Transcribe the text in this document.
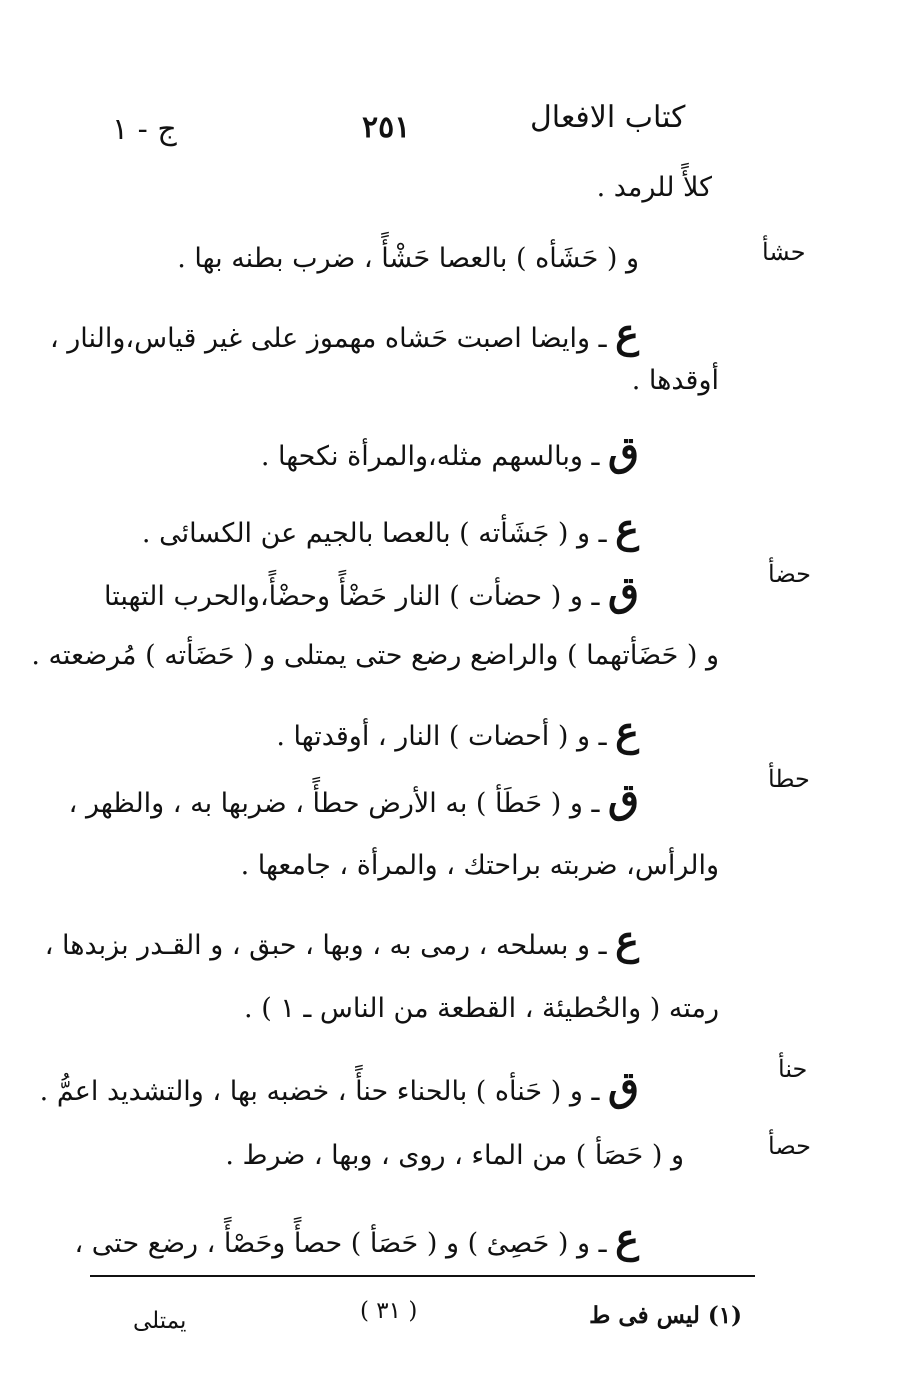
كتاب الافعال
٢٥١
ج - ١
حشأ
حضأ
حطأ
حنأ
حصأ
كلأً للرمد .
و ( حَشَأه ) بالعصا حَشْأً ، ضرب بطنه بها .
ع ـ وايضا اصبت حَشاه مهموز على غير قياس،والنار ،
أوقدها .
ق ـ وبالسهم مثله،والمرأة نكحها .
ع ـ و ( جَشَأته ) بالعصا بالجيم عن الكسائى .
ق ـ و ( حضأت ) النار حَضْأً وحضْأً،والحرب التهبتا
و ( حَضَأتهما ) والراضع رضع حتى يمتلى و ( حَضَأته ) مُرضعته .
ع ـ و ( أحضات ) النار ، أوقدتها .
ق ـ و ( حَطَأ ) به الأرض حطأً ، ضربها به ، والظهر ،
والرأس، ضربته براحتك ، والمرأة ، جامعها .
ع ـ و بسلحه ، رمى به ، وبها ، حبق ، و القـدر بزبدها ،
رمته ( والحُطيئة ، القطعة من الناس ـ ١ ) .
ق ـ و ( حَنأه ) بالحناء حنأً ، خضبه بها ، والتشديد اعمُّ .
و ( حَصَأ ) من الماء ، روى ، وبها ، ضرط .
ع ـ و ( حَصِئ ) و ( حَصَأ ) حصأً وحَصْأً ، رضع حتى ،
(١) ليس فى ط
( ٣١ )
يمتلى
